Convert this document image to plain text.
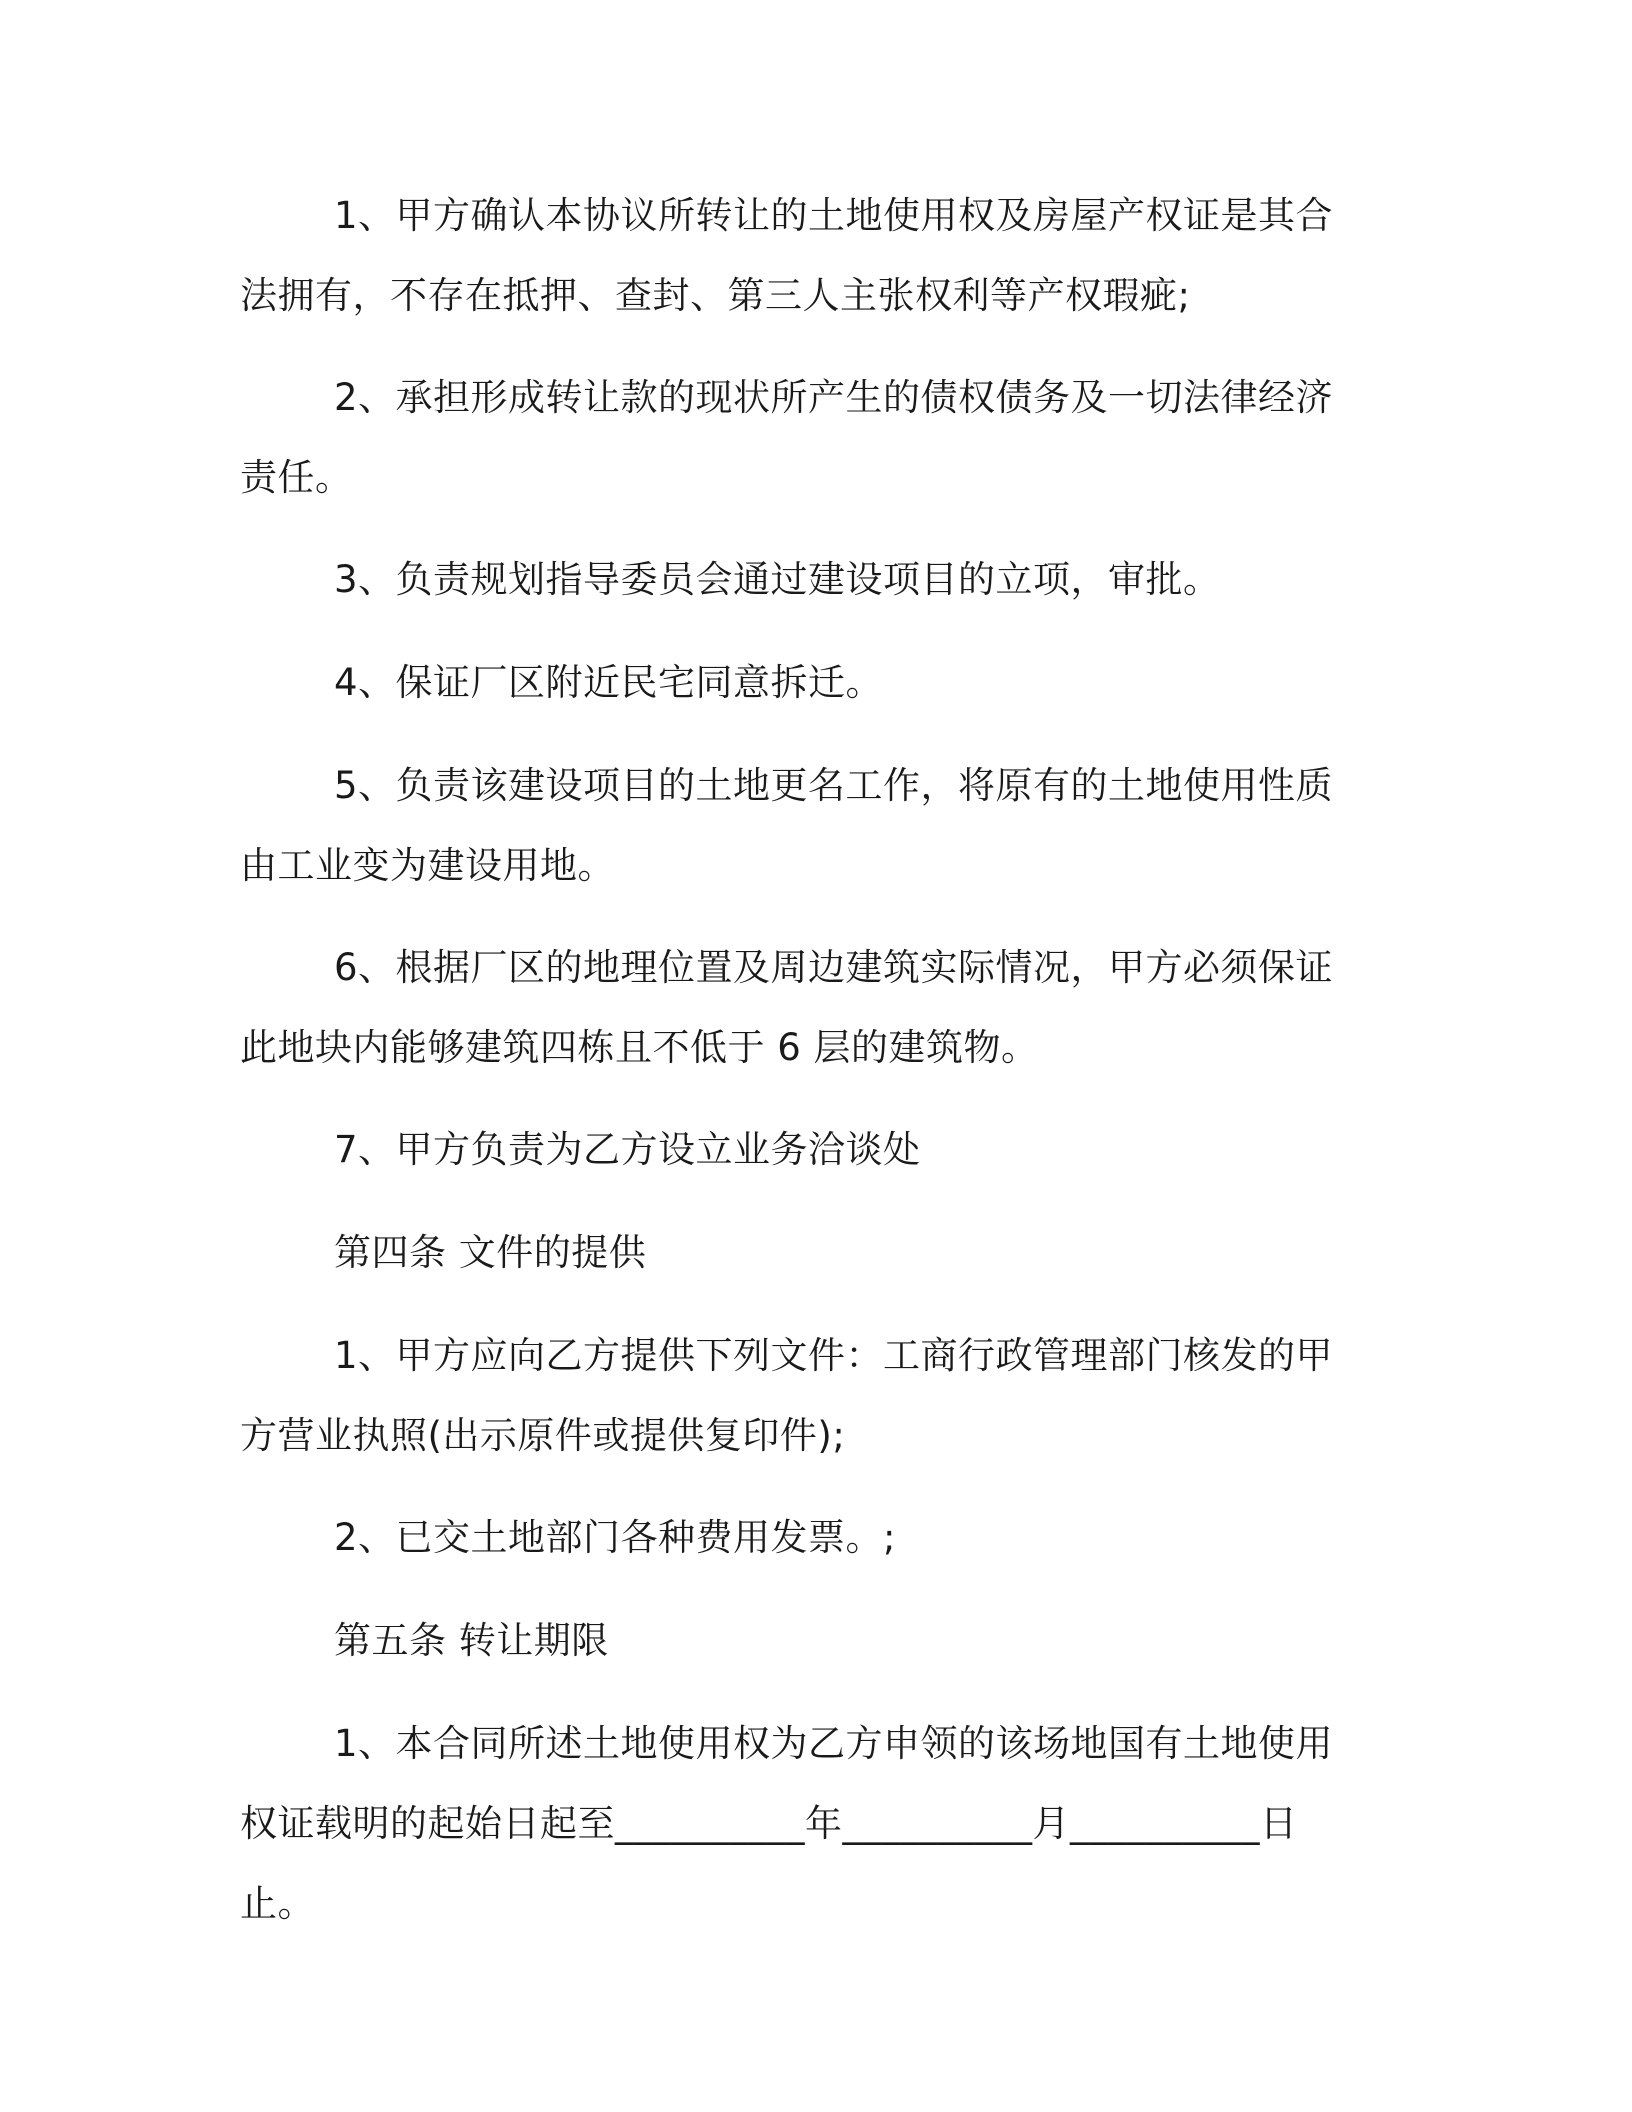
1、甲方确认本协议所转让的土地使用权及房屋产权证是其合法拥有，不存在抵押、查封、第三人主张权利等产权瑕疵;

2、承担形成转让款的现状所产生的债权债务及一切法律经济责任。

3、负责规划指导委员会通过建设项目的立项，审批。

4、保证厂区附近民宅同意拆迁。

5、负责该建设项目的土地更名工作，将原有的土地使用性质由工业变为建设用地。

6、根据厂区的地理位置及周边建筑实际情况，甲方必须保证此地块内能够建筑四栋且不低于 6 层的建筑物。

7、甲方负责为乙方设立业务洽谈处

第四条 文件的提供

1、甲方应向乙方提供下列文件：工商行政管理部门核发的甲方营业执照(出示原件或提供复印件);

2、已交土地部门各种费用发票。;

第五条 转让期限

1、本合同所述土地使用权为乙方申领的该场地国有土地使用权证载明的起始日起至__________年__________月__________日止。
